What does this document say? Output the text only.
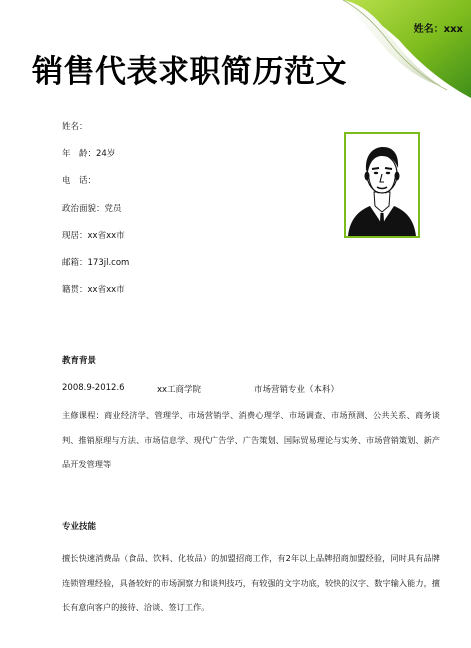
姓名：xxx
销售代表求职简历范文
姓名：
年　龄：24岁
电　话：
政治面貌：党员
现居：xx省xx市
邮箱：173jl.com
籍贯：xx省xx市
教育背景
2008.9-2012.6	xx工商学院	市场营销专业（本科）
主修课程：商业经济学、管理学、市场营销学、消费心理学、市场调查、市场预测、公共关系、商务谈判、推销原理与方法、市场信息学、现代广告学、广告策划、国际贸易理论与实务、市场营销策划、新产品开发管理等
专业技能
擅长快速消费品（食品、饮料、化妆品）的加盟招商工作，有2年以上品牌招商加盟经验，同时具有品牌连锁管理经验，具备较好的市场洞察力和谈判技巧，有较强的文字功底，较快的汉字、数字输入能力，擅长有意向客户的接待、洽谈、签订工作。
